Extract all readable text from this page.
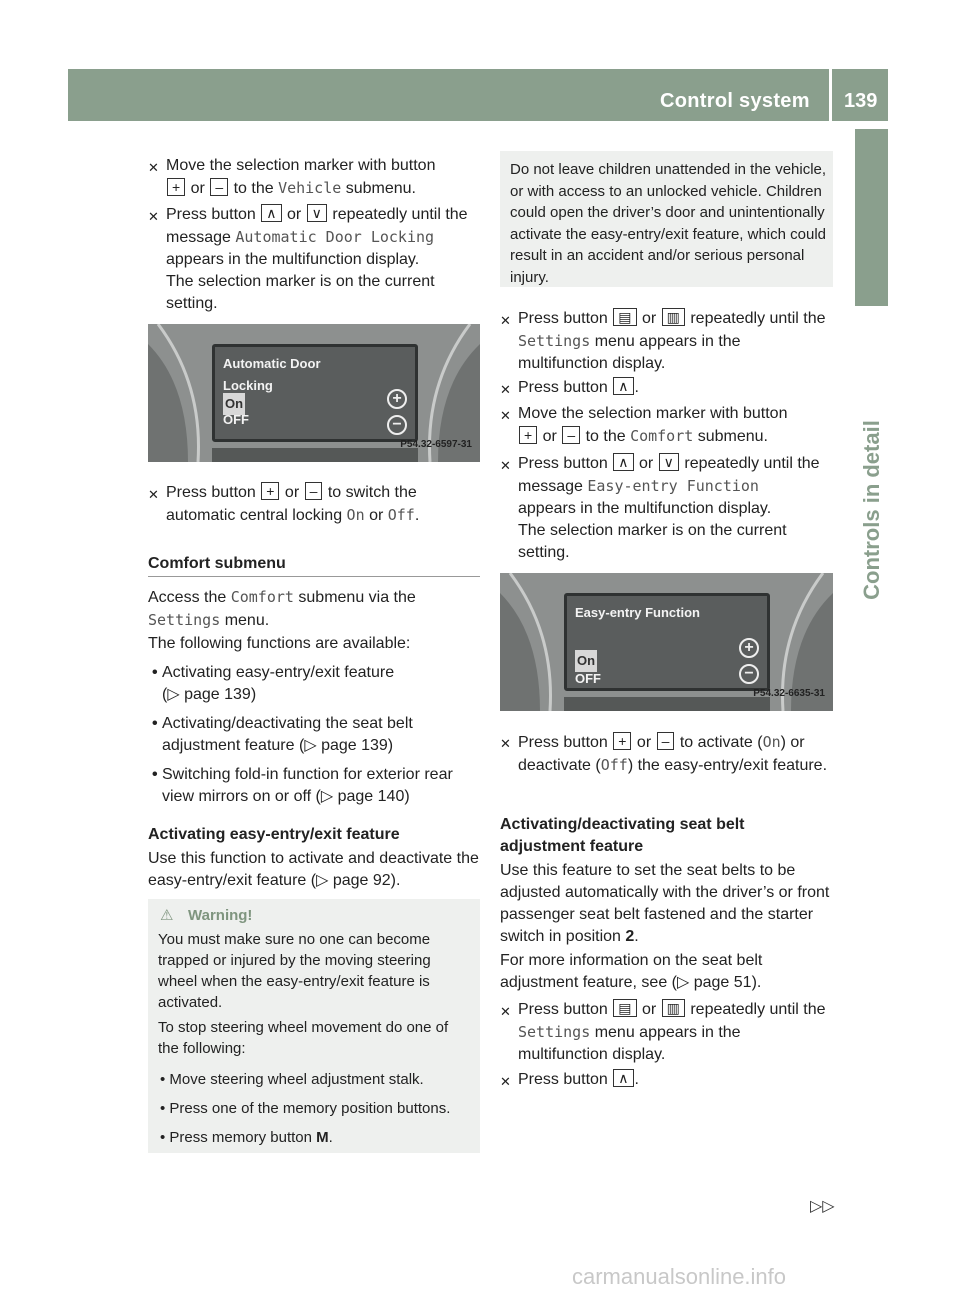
Control system 139
Controls in detail
✕ Move the selection marker with button
+ or – to the Vehicle submenu.
✕ Press button ∧ or ∨ repeatedly until the message Automatic Door Locking
appears in the multifunction display.
The selection marker is on the current setting.
Automatic Door Locking
On
OFF
+
−
P54.32-6597-31
✕ Press button + or – to switch the automatic central locking On or Off.
Comfort submenu
Access the Comfort submenu via the
Settings menu.
The following functions are available:
• Activating easy-entry/exit feature
(▷ page 139)
• Activating/deactivating the seat belt adjustment feature (▷ page 139)
• Switching fold-in function for exterior rear view mirrors on or off (▷ page 140)
Activating easy-entry/exit feature
Use this function to activate and deactivate the easy-entry/exit feature (▷ page 92).
⚠ Warning!
You must make sure no one can become trapped or injured by the moving steering wheel when the easy-entry/exit feature is activated.
To stop steering wheel movement do one of the following:
• Move steering wheel adjustment stalk.
• Press one of the memory position buttons.
• Press memory button M.
Do not leave children unattended in the vehicle, or with access to an unlocked vehicle. Children could open the driver’s door and unintentionally activate the easy-entry/exit feature, which could result in an accident and/or serious personal injury.
✕ Press button ▤ or ▥ repeatedly until the Settings menu appears in the multifunction display.
✕ Press button ∧ .
✕ Move the selection marker with button
+ or – to the Comfort submenu.
✕ Press button ∧ or ∨ repeatedly until the message Easy-entry Function
appears in the multifunction display.
The selection marker is on the current setting.
Easy-entry Function
On
OFF
+
−
P54.32-6635-31
✕ Press button + or – to activate (On) or deactivate (Off) the easy-entry/exit feature.
Activating/deactivating seat belt adjustment feature
Use this feature to set the seat belts to be adjusted automatically with the driver’s or front passenger seat belt fastened and the starter switch in position 2.
For more information on the seat belt adjustment feature, see (▷ page 51).
✕ Press button ▤ or ▥ repeatedly until the Settings menu appears in the multifunction display.
✕ Press button ∧ .
▷▷
carmanualsonline.info
